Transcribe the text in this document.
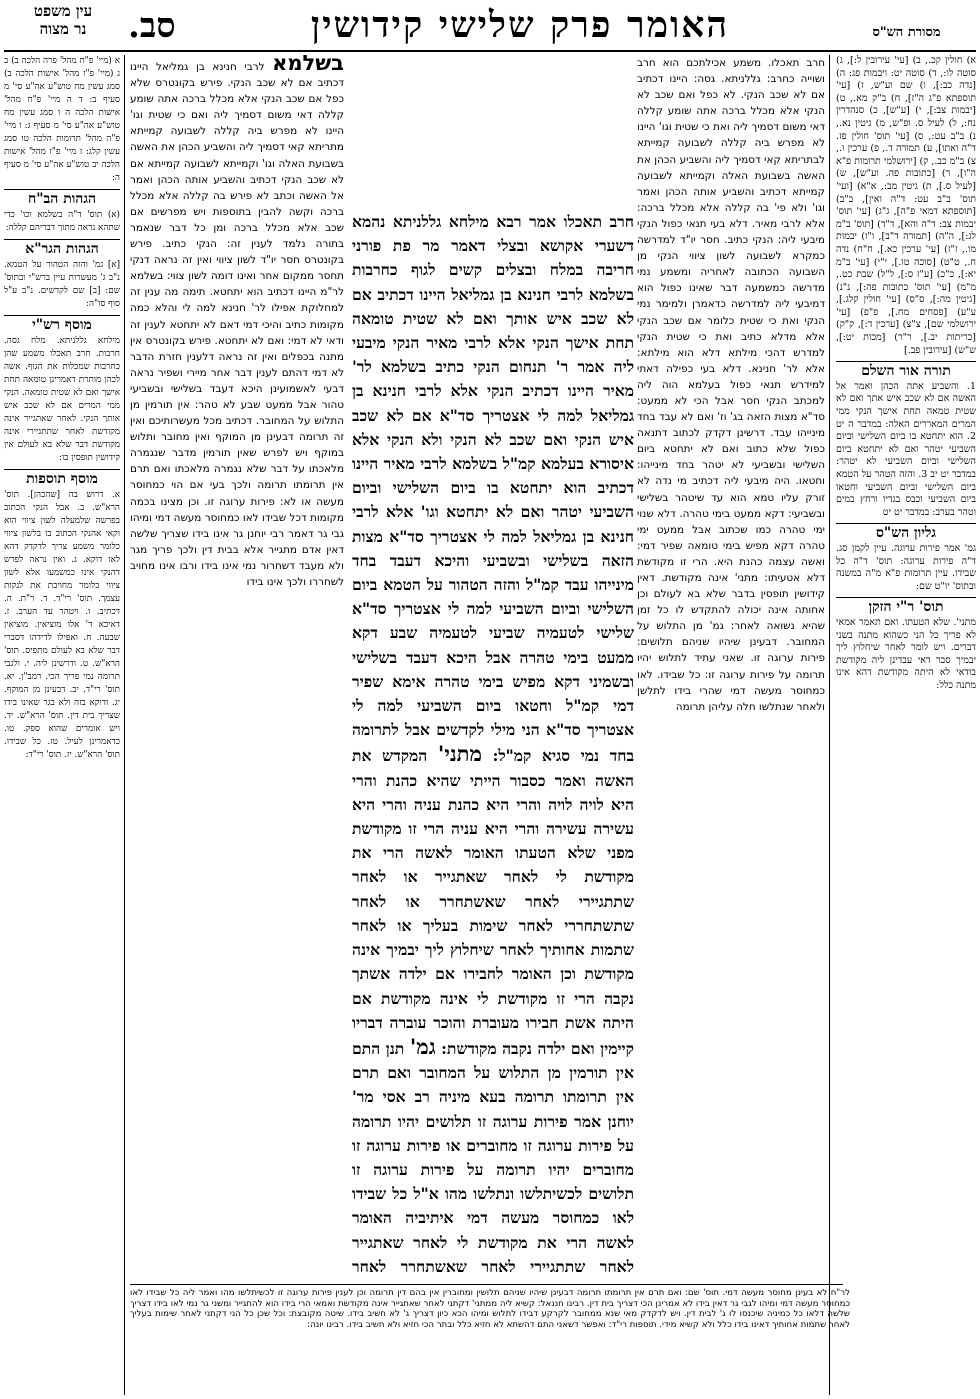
עין משפט
נר מצוה	סב.	האומר פרק שלישי קידושין	מסורת הש"ס
א) חולין קכ., ב) [עי' עירובין ל:], ג) סוטה לו:, ד) סוטה יט: ויבמות פג: ה) [נדה כב:], ו) שם וע"ש, ז) [עי' תוספתא פ"ג ה"ז], ח) ב"ק מא., ט) [יבמות צב:], י) [ע"ש], כ) סנהדרין נח:, ל) לעיל ס. ופ"ש, מ) גיטין נא., נ) ב"ב עט:, ס) [עי' תוס' חולין פז. ד"ה ואתו], ע) תמורה ד., פ) ערכין ו., צ) ב"מ כב., ק) [ירושלמי תרומות פ"א ה"ו], ר) [כתובות פה. וע"ש], ש) [לעיל ס.], ת) גיטין מב:, א"א) [ועי' תוס' ב"ב עט: ד"ה ואין], ב"ב) [תוספתא דמאי פ"ה], ג"ג) [עי' תוס' יבמות צב: ד"ה והא], ד"ד) [תוס' ב"מ לג:], ה"ה) [תמורה ד"ב], ו"ו) יבמות מו., ז"ז) [עי' ערכין כא.], ח"ח) נדה ח., ט"ט) [סוכה טו.], י"י) [עי' ב"מ יא:], כ"כ) [ע"ז ס:], ל"ל) שבת כט., מ"מ) [עי' תוס' כתובות פה:], נ"נ) [גיטין מה:], ס"ס) [עי' חולין קלג.], ע"ע) [פסחים מח.], פ"פ) [עי' ירושלמי שם], צ"צ) [ערכין ד:], ק"ק) [כריתות יב.], ר"ר) [מכות יט:], ש"ש) [עירובין פב.]
תורה אור השלם
1. והשביע אתה הכהן ואמר אל האשה אם לא שכב איש אתך ואם לא שטית טמאה תחת אישך הנקי ממי המרים המאררים האלה: במדבר ה יט 2. הוא יתחטא בו ביום השלישי וביום השביעי יטהר ואם לא יתחטא ביום השלישי וביום השביעי לא יטהר: במדבר יט יב 3. והזה הטהר על הטמא ביום השלישי וביום השביעי וחטאו ביום השביעי וכבס בגדיו ורחץ במים וטהר בערב: במדבר יט יט
גליון הש"ס
גמ' אמר פירות ערוגה. עיין לקמן סג. ד"ה פירות ערוגה: תוס' ד"ה כל שבידו. עיין תרומות פ"א מ"ה במשנה ובתוס' יו"ט שם:
תוס' ר"י הזקן
מתני'. שלא הטעתו. ואם תאמר אמאי לא פריך כל הני כשהוא מתנה בשני דברים. ויש לומר לאחר שיחלוץ ליך יבמיך סבר דאי עבדינן ליה מקודשת בודאי לא היתה מקודשת דהא אינו מתנה כלל:
חרב תאכלו. משמע אכילתכם הוא חרב ושוייה כחרב: גללניתא. גסה: היינו דכתיב אם לא שכב הנקי. לא כפל ואם שכב לא הנקי אלא מכלל ברכה אתה שומע קללה דאי משום דסמיך ליה ואת כי שטית וגו' היינו לא מפרש ביה קללה לשבועה קמייתא לבתריתא קאי דסמיך ליה והשביע הכהן את האשה בשבועת האלה וקמייתא לשבועה קמייתא דכתיב והשביע אותה הכהן ואמר וגו' ולא פי' בה קללה אלא מכלל ברכה: אלא לרבי מאיר. דלא בעי תנאי כפול הנקי מיבעי ליה: הנקי כתיב. חסר יו"ד למדרשה כמקרא לשבועה לשון ציווי הנקי מן השבועה הכתובה לאחריה ומשמע נמי מדרשה כמשמעה דבר שאינו כפול הוא דמיבעי ליה למדרשה כדאמרן ולמימר נמי הנקי ואת כי שטית כלומר אם שכב הנקי אלא מדלא כתיב ואת כי שטית הנקי למדרש דהכי מילתא דלא הוא מילתא: אלא לר' חנינא. דלא בעי כפילה דאתי למידרש תנאי כפול בעלמא הוה ליה למכתב הנקי חסר אבל הכי לא ממעט: סד"א מצות הזאה בג' וז' ואם לא עבד בחד מינייהו עבד. דרשינן דקדק לכתוב דתנאה כפול שלא כתוב ואם לא יתחטא ביום השלישי ובשביעי לא יטהר בחד מינייהו: וחטאו. היה מיבעי ליה דכתיב מי נדה לא זורק עליו טמא הוא עד שיטהר בשלישי ובשביעי: דקא ממעט בימי טהרה. דלא שנוי ימי טהרה כמו שכתוב אבל ממעט ימי טהרה דקא מפיש בימי טומאה שפיר דמי: ואשה עצמה כהנת היא. הרי זו מקודשת דלא אטעיתו: מתני' אינה מקודשת. דאין קידושין תופסין בדבר שלא בא לעולם וכן אחותה אינה יכולה להתקדש לו כל זמן שהיא נשואה לאחר: גמ' מן התלוש על המחובר. דבעינן שיהיו שניהם תלושים: פירות ערוגה זו. שאני עתיד לתלוש יהיו תרומה על פירות ערוגה זו: כל שבידו. לאו כמחוסר מעשה דמי שהרי בידו לתלשן ולאחר שנתלשו חלה עליהן תרומה
חרב תאכלו אמר רבא מילחא גללניתא נהמא דשערי אקושא ובצלי דאמר מר פת פורני חריבה במלח ובצלים קשים לגוף כחרבות בשלמא לרבי חנינא בן גמליאל היינו דכתיב אם לא שכב איש אותך ואם לא שטית טומאה תחת אישך הנקי אלא לרבי מאיר הנקי מיבעי ליה אמר ר' תנחום הנקי כתיב בשלמא לר' מאיר היינו דכתיב הנקי אלא לרבי חנינא בן גמליאל למה לי אצטריך סד"א אם לא שכב איש הנקי ואם שכב לא הנקי ולא הנקי אלא איסורא בעלמא קמ"ל בשלמא לרבי מאיר היינו דכתיב הוא יתחטא בו ביום השלישי וביום השביעי יטהר ואם לא יתחטא וגו' אלא לרבי חנינא בן גמליאל למה לי אצטריך סד"א מצות הזאה בשלישי ובשביעי והיכא דעבד בחד מינייהו עבד קמ"ל והזה הטהור על הטמא ביום השלישי וביום השביעי למה לי אצטריך סד"א שלישי לטעמיה שביעי לטעמיה שבע דקא ממעט בימי טהרה אבל היכא דעבד בשלישי ובשמיני דקא מפיש בימי טהרה אימא שפיר דמי קמ"ל וחטאו ביום השביעי למה לי אצטריך סד"א הני מילי לקדשים אבל לתרומה בחד נמי סגיא קמ"ל: מתני' המקדש את האשה ואמר כסבור הייתי שהיא כהנת והרי היא לויה לויה והרי היא כהנת עניה והרי היא עשירה עשירה והרי היא עניה הרי זו מקודשת מפני שלא הטעתו האומר לאשה הרי את מקודשת לי לאחר שאתגייר או לאחר שתתגיירי לאחר שאשתחרר או לאחר שתשתחררי לאחר שימות בעליך או לאחר שתמות אחותיך לאחר שיחלוץ ליך יבמיך אינה מקודשת וכן האומר לחבירו אם ילדה אשתך נקבה הרי זו מקודשת לי אינה מקודשת אם היתה אשת חבירו מעוברת והוכר עוברה דבריו קיימין ואם ילדה נקבה מקודשת: גמ' תנן התם אין תורמין מן התלוש על המחובר ואם תרם אין תרומתו תרומה בעא מיניה רב אסי מר' יוחנן אמר פירות ערוגה זו תלושים יהיו תרומה על פירות ערוגה זו מחוברים או פירות ערוגה זו מחוברים יהיו תרומה על פירות ערוגה זו תלושים לכשיתלשו ונתלשו מהו א"ל כל שבידו לאו כמחוסר מעשה דמי איתיביה האומר לאשה הרי את מקודשת לי לאחר שאתגייר לאחר שתתגיירי לאחר שאשתחרר לאחר
בשלמא לרבי חנינא בן גמליאל היינו דכתיב אם לא שכב הנקי. פירש בקונטרס שלא כפל אם שכב הנקי אלא מכלל ברכה אתה שומע קללה דאי משום דסמיך ליה ואם כי שטית וגו' היינו לא מפרש ביה קללה לשבועה קמייתא מתריתא קאי דסמיך ליה והשביע הכהן את האשה בשבועת האלה וגו' וקמייתא לשבועה קמייתא אם לא שכב הנקי דכתיב והשביע אותה הכהן ואמר אל האשה וכתב לא פירש בה קללה אלא מכלל ברכה וקשה להבין בתוספות ויש מפרשים אם שכב אלא מכלל ברכה ומן כל דבר שנאמר בתורה נלמד לענין זה: הנקי כתיב. פירש בקונטרס חסר יו"ד לשון ציווי ואין זה נראה דנקי תחסר ממקום אחר ואינו דומה לשון צווי: בשלמא לר"מ היינו דכתיב הוא יתחטא. תימה מה ענין זה למחלוקת אפילו לר' חנינא למה לי והלא כמה מקומות כתיב והיכי דמי דאם לא יתחטא לענין זה ודאי לא דמי: ואם לא יתחטא. פירש בקונטרס אין מתנה בכפלים ואין זה נראה דלענין חזרת הדבר לא דמי דהתם לענין דבר אחר מיירי ושפיר נראה דבעי לאשמועינן היכא דעבד בשלישי ובשביעי טהור אבל ממעט שבע לא טהר: אין תורמין מן התלוש על המחובר. דכתיב מכל מעשרותיכם ואין זה תרומה דבעינן מן המוקף ואין מחובר ותלוש במוקף ויש לפרש שאין תורמין מדבר שנגמרה מלאכתו על דבר שלא נגמרה מלאכתו ואם תרם אין תרומתו תרומה ולכך בעי אם הוי כמחוסר מעשה או לא: פירות ערוגה זו. וכן מצינו בכמה מקומות דכל שבידו לאו כמחוסר מעשה דמי ומיהו גבי גר דאמר רבי יוחנן גר אינו בידו שצריך שלשה דאין אדם מתגייר אלא בבית דין ולכך פריך מגר ולא מעבד דשחרור נמי אינו בידו ורבו אינו מחויב לשחררו ולכך אינו בידו
א (מיי' פ"ח מהל' פרה הלכה ב) ב ג (מיי' פ"ז מהל' אישות הלכה ב) סמג עשין מח טוש"ע אה"ע סי' מ סעיף ב: ד ה מיי' פ"ח מהל' אישות הלכה ה ו סמג עשין מח טוש"ע אה"ע סי' מ סעיף ג: ו מיי' פ"ה מהל' תרומות הלכה טו סמג עשין קלג: ז מיי' פ"ז מהל' אישות הלכה יב טוש"ע אה"ע סי' מ סעיף ה:
הגהות הב"ח
(א) תוס' ד"ה בשלמא וכו' כדי שתהא נראה מתוך דבריהם קללה:
הגהות הגר"א
[א] גמ' והזה הטהור על הטמא. נ"ב ג' מעשרות עיין ברש"י ובתוס' שם: [ב] שם לקדשים. נ"ב ע"ל סוף סו"ה:
מוסף רש"י
מילחא גללניתא. מלח גסה. חרבות. חרב תאכלו משמע שהן כחרבות שמכלות את הגוף. אשה לכהן מותרת דאמרינן טומאה תחת אישך ואם לא שטית טומאה. הנקי ממי המרים אם לא שכב איש אותך הנקי. לאחר שאתגייר אינה מקודשת לאחר שתתגיירי אינה מקודשת דבר שלא בא לעולם אין קידושין תופסין בו:
מוסף תוספות
א. דרוש בה [שהכהן]. תוס' הרא"ש. ב. אבל הנקי הכתוב בפרשה שלמעלה לשון ציווי הוא וקאי אהנקי הכתוב בו בלשון ציווי כלומר משמע צריך לדקדק דהא לאו דוקא. ג. ואין נראה לפרש דהנקי אינו כמשמעו אלא לשון ציווי כלומר מחויבת את לנקות עצמך. תוס' רי"ד. ד. ר"ת. ה. דכתיב. ו. ויטהר עד הערב. ז. דאיכא ד' אלו מוציאין. מוציאין שבעה. ח. ואפילו לדידהו דסברי דבר שלא בא לעולם מתפיס. תוס' הרא"ש. ט. ודרשינן ליה. י. ולגבי תרומה נמי פריך הכי. רמב"ן. יא. תוס' רי"ד. יב. דבעינן מן המוקף. יג. ודוקא בזה ולא בגר שאינו בידו שצריך בית דין. תוס' הרא"ש. יד. ויש אומרים שהוא ספק. טו. כדאמרינן לעיל. טז. כל שבידו. תוס' הרא"ש. יז. תוס' רי"ד:
לר"ח לא בעינן מחוסר מעשה דמי. תוס' שם: ואם תרם אין תרומתו תרומה דבעינן שיהיו שניהם תלושין ומחוברין אין בהם דין תרומה וכן לענין פירות ערוגה זו לכשיתלשו מהו ואמר ליה כל שבידו לאו כמחוסר מעשה דמי ומיהו לגבי גר דאין בידו לא אמרינן הכי דצריך בית דין. רבינו חננאל: קשיא ליה ממתני' דקתני לאחר שאתגייר אינה מקודשת ואמאי הרי בידו הוא להתגייר ומשני גר נמי לאו בידו דצריך שלשה דלאו כל כמיניה שיכנסו לו ג' לבית דין. ויש לדקדק מאי שנא ממחובר לקרקע דבידו לתלוש ומיהו הכא כיון דצריך ג' לא חשיב בידו. שיטה מקובצת: וכל שכן כל הני דקתני לאחר שימות בעליך לאחר שתמות אחותיך דאינו בידו כלל ולא קשיא מידי. תוספות רי"ד: ואפשר דשאני התם דהשתא לא חזיא כלל ובתר הכי חזיא ולא חשיב בידו. רבינו יונה:
